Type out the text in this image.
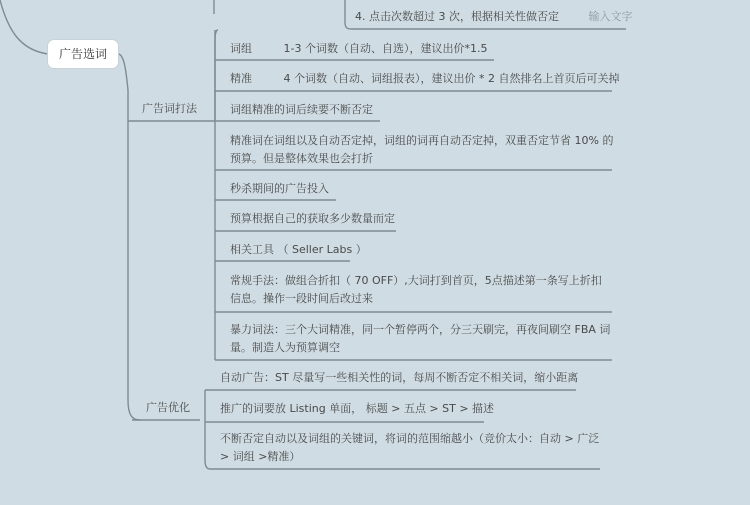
广告选词
4. 点击次数超过 3 次，根据相关性做否定	输入文字
广告词打法
词组	1-3 个词数（自动、自选），建议出价*1.5
精准	4 个词数（自动、词组报表），建议出价 * 2 自然排名上首页后可关掉
词组精准的词后续要不断否定
精准词在词组以及自动否定掉，词组的词再自动否定掉，双重否定节省 10% 的预算。但是整体效果也会打折
秒杀期间的广告投入
预算根据自己的获取多少数量而定
相关工具 （ Seller Labs ）
常规手法：做组合折扣（ 70 OFF）,大词打到首页，5点描述第一条写上折扣信息。操作一段时间后改过来
暴力词法：三个大词精准，同一个暂停两个，分三天刷完，再夜间刷空 FBA 词量。制造人为预算调空
广告优化
自动广告：ST 尽量写一些相关性的词，每周不断否定不相关词，缩小距离
推广的词要放 Listing 单面， 标题 > 五点 > ST > 描述
不断否定自动以及词组的关键词，将词的范围缩越小（竞价太小：自动 > 广泛 > 词组 >精准）
